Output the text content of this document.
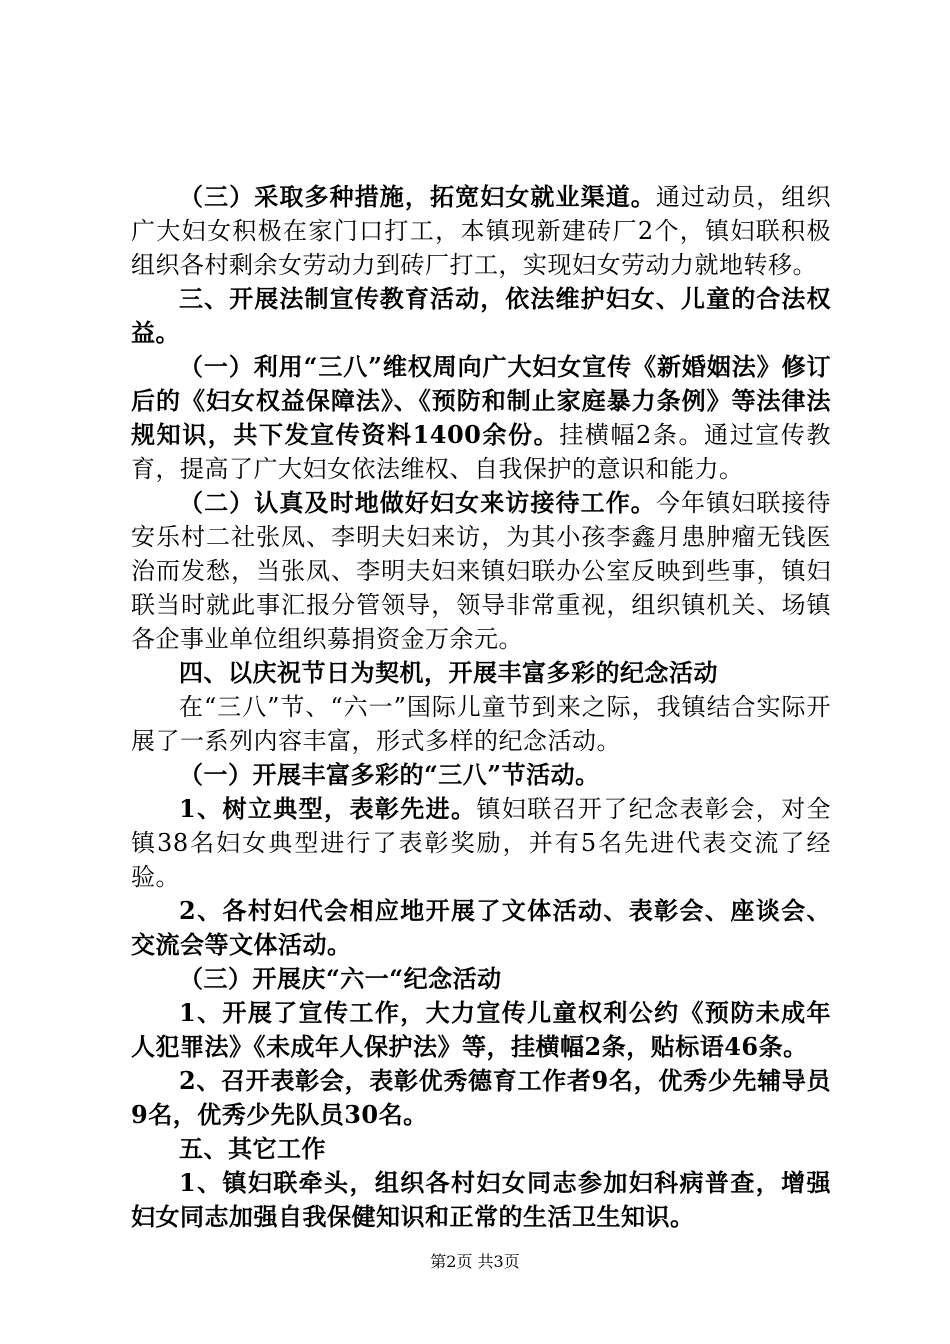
（三）采取多种措施，拓宽妇女就业渠道。通过动员，组织广大妇女积极在家门口打工，本镇现新建砖厂2个，镇妇联积极组织各村剩余女劳动力到砖厂打工，实现妇女劳动力就地转移。

三、开展法制宣传教育活动，依法维护妇女、儿童的合法权益。

（一）利用“三八”维权周向广大妇女宣传《新婚姻法》修订后的《妇女权益保障法》、《预防和制止家庭暴力条例》等法律法规知识，共下发宣传资料1400余份。挂横幅2条。通过宣传教育，提高了广大妇女依法维权、自我保护的意识和能力。

（二）认真及时地做好妇女来访接待工作。今年镇妇联接待安乐村二社张凤、李明夫妇来访，为其小孩李鑫月患肿瘤无钱医治而发愁，当张凤、李明夫妇来镇妇联办公室反映到些事，镇妇联当时就此事汇报分管领导，领导非常重视，组织镇机关、场镇各企事业单位组织募捐资金万余元。

四、以庆祝节日为契机，开展丰富多彩的纪念活动

在“三八”节、“六一”国际儿童节到来之际，我镇结合实际开展了一系列内容丰富，形式多样的纪念活动。

（一）开展丰富多彩的“三八”节活动。

1、树立典型，表彰先进。镇妇联召开了纪念表彰会，对全镇38名妇女典型进行了表彰奖励，并有5名先进代表交流了经验。

2、各村妇代会相应地开展了文体活动、表彰会、座谈会、交流会等文体活动。

（三）开展庆“六一“纪念活动

1、开展了宣传工作，大力宣传儿童权利公约《预防未成年人犯罪法》《未成年人保护法》等，挂横幅2条，贴标语46条。

2、召开表彰会，表彰优秀德育工作者9名，优秀少先辅导员9名，优秀少先队员30名。

五、其它工作

1、镇妇联牵头，组织各村妇女同志参加妇科病普查，增强妇女同志加强自我保健知识和正常的生活卫生知识。

第2页 共3页
